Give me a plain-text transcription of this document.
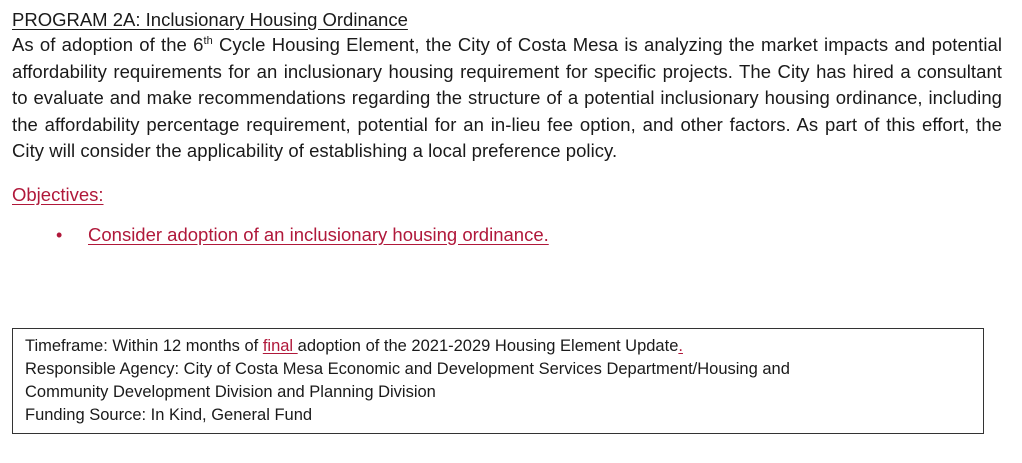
PROGRAM 2A: Inclusionary Housing Ordinance

As of adoption of the 6th Cycle Housing Element, the City of Costa Mesa is analyzing the market impacts and potential affordability requirements for an inclusionary housing requirement for specific projects. The City has hired a consultant to evaluate and make recommendations regarding the structure of a potential inclusionary housing ordinance, including the affordability percentage requirement, potential for an in-lieu fee option, and other factors. As part of this effort, the City will consider the applicability of establishing a local preference policy.

Objectives:
• Consider adoption of an inclusionary housing ordinance.

Timeframe: Within 12 months of final adoption of the 2021-2029 Housing Element Update.

Responsible Agency: City of Costa Mesa Economic and Development Services Department/Housing and

Community Development Division and Planning Division

Funding Source: In Kind, General Fund
